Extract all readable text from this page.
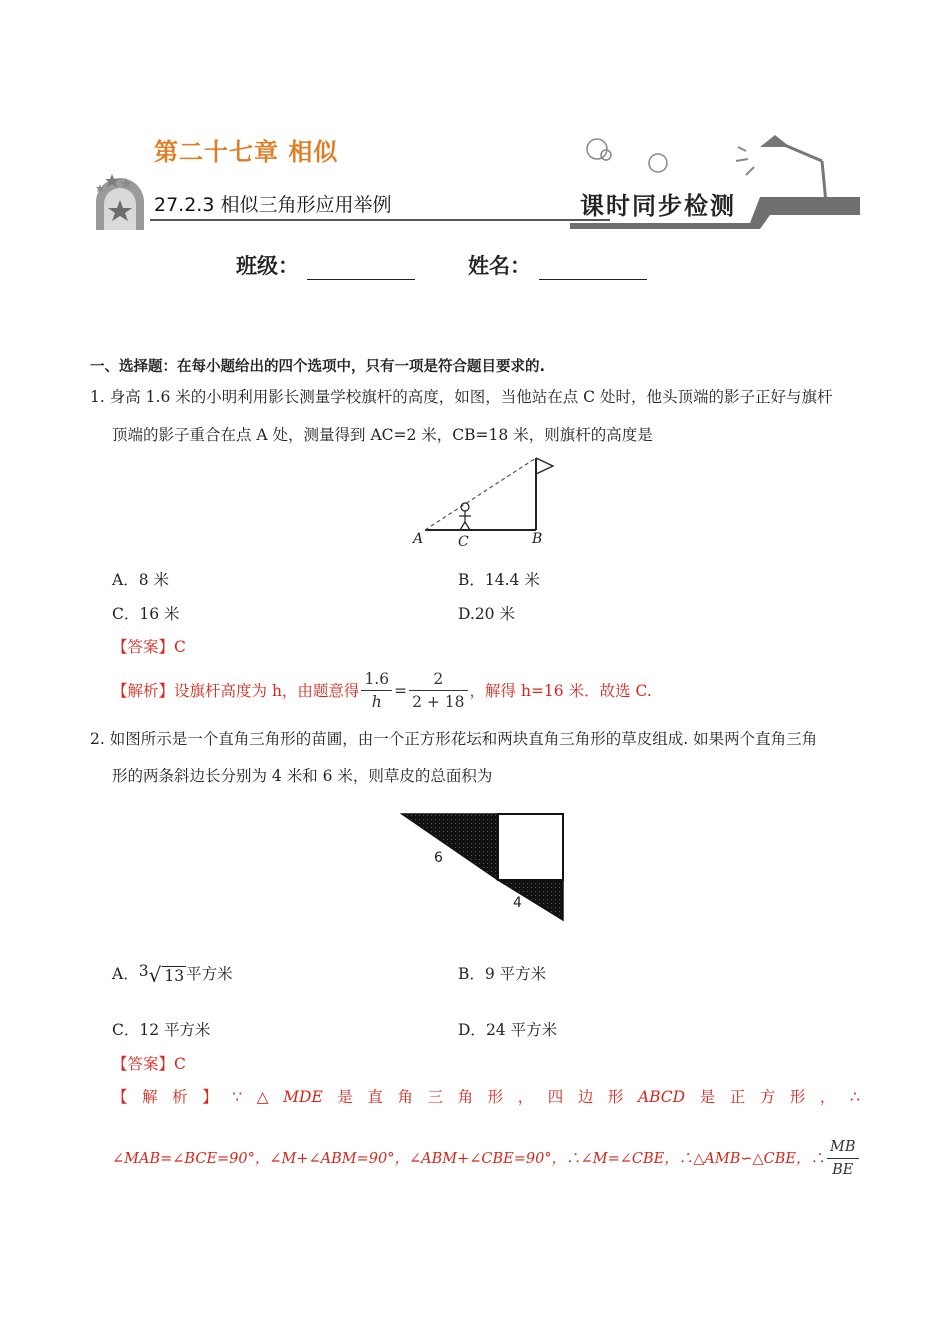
第二十七章 相似
27.2.3 相似三角形应用举例	课时同步检测
班级：	姓名：
一、选择题：在每小题给出的四个选项中，只有一项是符合题目要求的.
1. 身高 1.6 米的小明利用影长测量学校旗杆的高度，如图，当他站在点 C 处时，他头顶端的影子正好与旗杆
顶端的影子重合在点 A 处，测量得到 AC=2 米，CB=18 米，则旗杆的高度是
A C	B
A．8 米	B．14.4 米
C．16 米	D.20 米
【答案】C
【解析】 设旗杆高度为 h，由题意得 $\frac{1.6}{h} = \frac{2}{2 + 18}$ ，解得 h=16 米．故选 C.
2. 如图所示是一个直角三角形的苗圃，由一个正方形花坛和两块直角三角形的草皮组成. 如果两个直角三角
形的两条斜边长分别为 4 米和 6 米，则草皮的总面积为
6
4
A． 3 √ 13 平方米	B．9 平方米
C．12 平方米	D．24 平方米
【答案】C
【 解 析 】 ∵ △ MDE 是 直 角 三 角 形 ， 四 边 形 ABCD 是 正 方 形 ， ∴
∠MAB=∠BCE=90°，∠M+∠ABM=90°，∠ABM+∠CBE=90°，∴∠M=∠CBE，∴△AMB∽△CBE，∴ $\frac{MB}{BE}$
